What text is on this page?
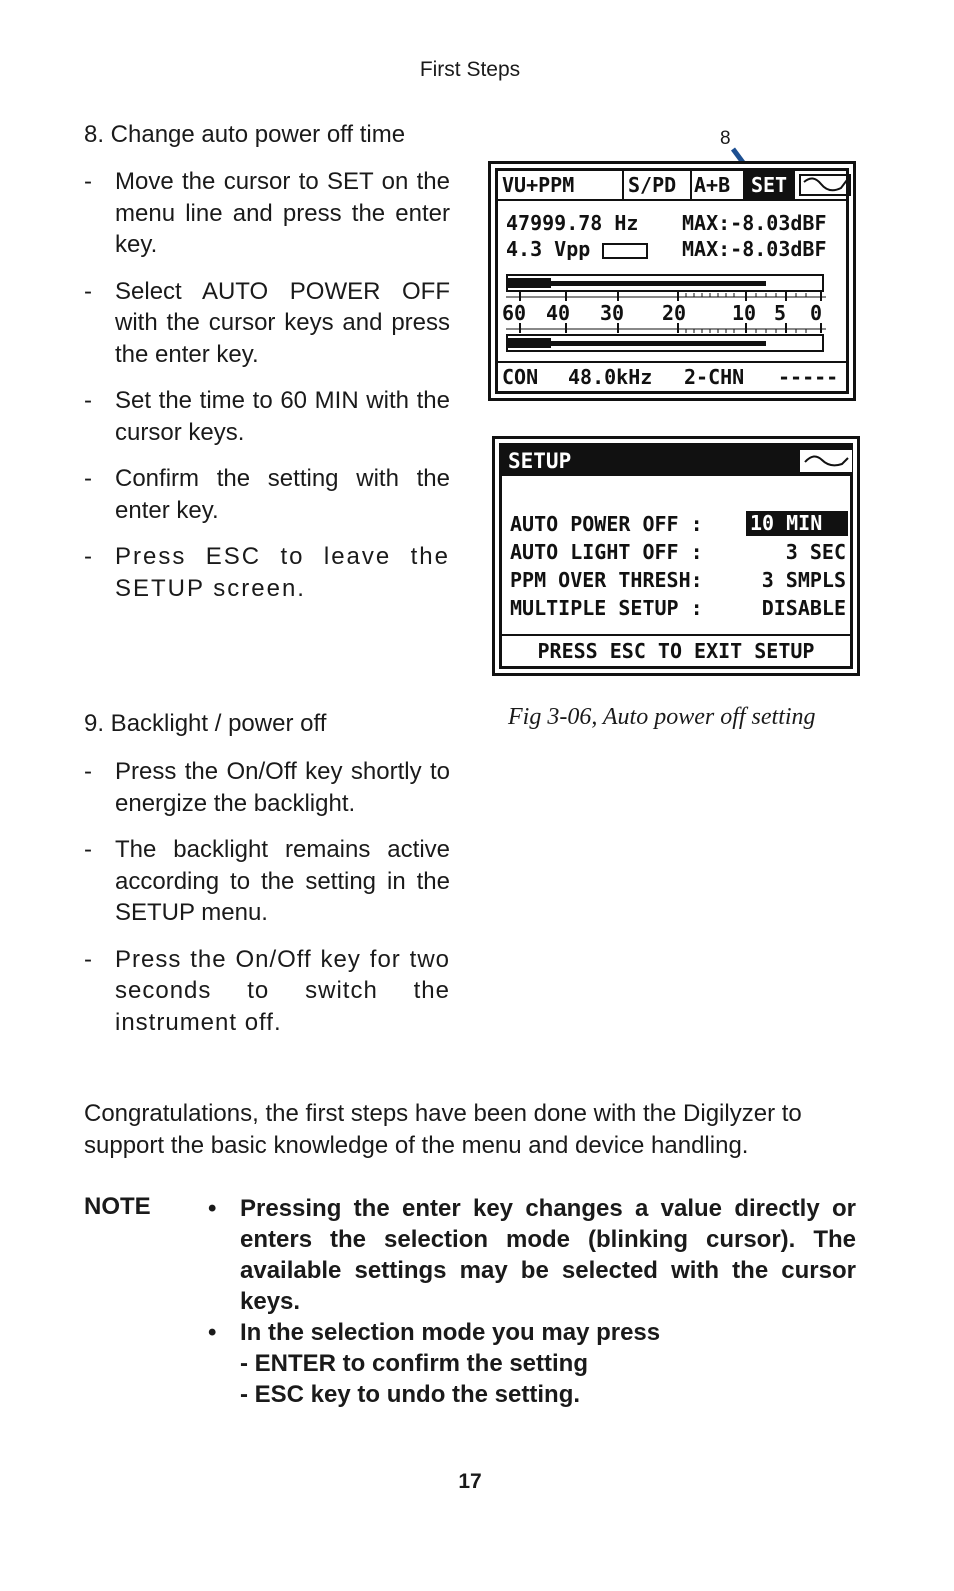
First Steps
8. Change auto power off time
- Move the cursor to SET on the menu line and press the enter key.
- Select AUTO POWER OFF with the cursor keys and press the enter key.
- Set the time to 60 MIN with the cursor keys.
- Confirm the setting with the enter key.
- Press ESC to leave the SETUP screen.
9. Backlight / power off
- Press the On/Off key shortly to energize the backlight.
- The backlight remains active according to the setting in the SETUP menu.
- Press the On/Off key for two seconds to switch the instrument off.
8
VU+PPM	S/PD A+B	SET
47999.78 Hz MAX:-8.03dBF
4.3 Vpp	MAX:-8.03dBF
60 40 30 20 10 5 0
CON 48.0kHz 2-CHN -----
SETUP
AUTO POWER OFF : 10 MIN
AUTO LIGHT OFF :	3 SEC
PPM OVER THRESH:	3 SMPLS
MULTIPLE SETUP :	DISABLE
PRESS ESC TO EXIT SETUP
Fig 3-06, Auto power off setting
Congratulations, the first steps have been done with the Digilyzer to support the basic knowledge of the menu and device handling.
NOTE
•	Pressing the enter key changes a value directly or enters the selection mode (blinking cursor). The available settings may be selected with the cursor keys.
• In the selection mode you may press
- ENTER to confirm the setting
- ESC key to undo the setting.
17
